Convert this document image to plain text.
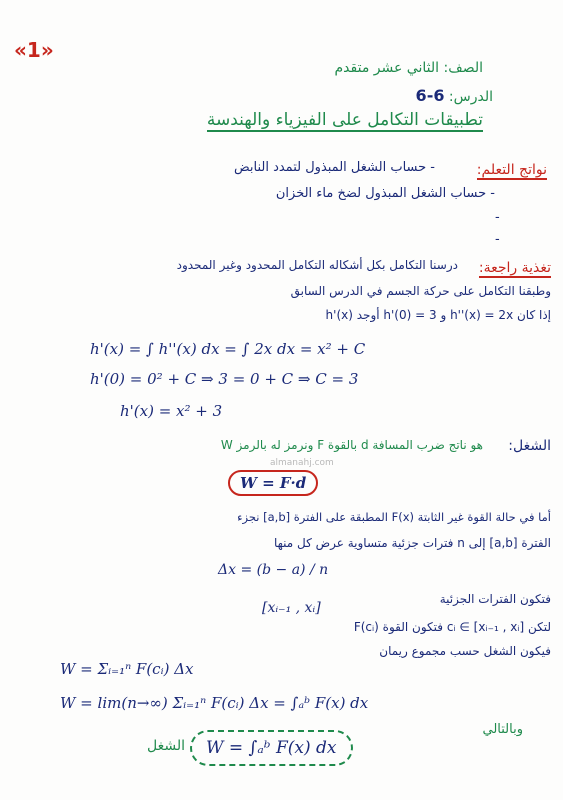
«1»
الصف: الثاني عشر متقدم
الدرس: 6-6
تطبيقات التكامل على الفيزياء والهندسة
نواتج التعلم:
- حساب الشغل المبذول لتمدد النابض
- حساب الشغل المبذول لضخ ماء الخزان
-
-
تغذية راجعة:
درسنا التكامل بكل أشكاله التكامل المحدود وغير المحدود
وطبقنا التكامل على حركة الجسم في الدرس السابق
إذا كان h''(x) = 2x و h'(0) = 3 أوجد h'(x)
h'(x) = ∫ h''(x) dx = ∫ 2x dx = x² + C
h'(0) = 0² + C ⇒ 3 = 0 + C ⇒ C = 3
h'(x) = x² + 3
الشغل:
هو ناتج ضرب المسافة d بالقوة F ونرمز له بالرمز W
W = F·d
almanahj.com
أما في حالة القوة غير الثابتة F(x) المطبقة على الفترة [a,b] نجزء
الفترة [a,b] إلى n فترات جزئية متساوية عرض كل منها
Δx = (b − a) / n
فتكون الفترات الجزئية
[xᵢ₋₁ , xᵢ]
لتكن cᵢ ∈ [xᵢ₋₁ , xᵢ] فتكون القوة F(cᵢ)
فيكون الشغل حسب مجموع ريمان
W = Σᵢ₌₁ⁿ F(cᵢ) Δx
W = lim(n→∞) Σᵢ₌₁ⁿ F(cᵢ) Δx = ∫ₐᵇ F(x) dx
وبالتالي
الشغل	W = ∫ₐᵇ F(x) dx
